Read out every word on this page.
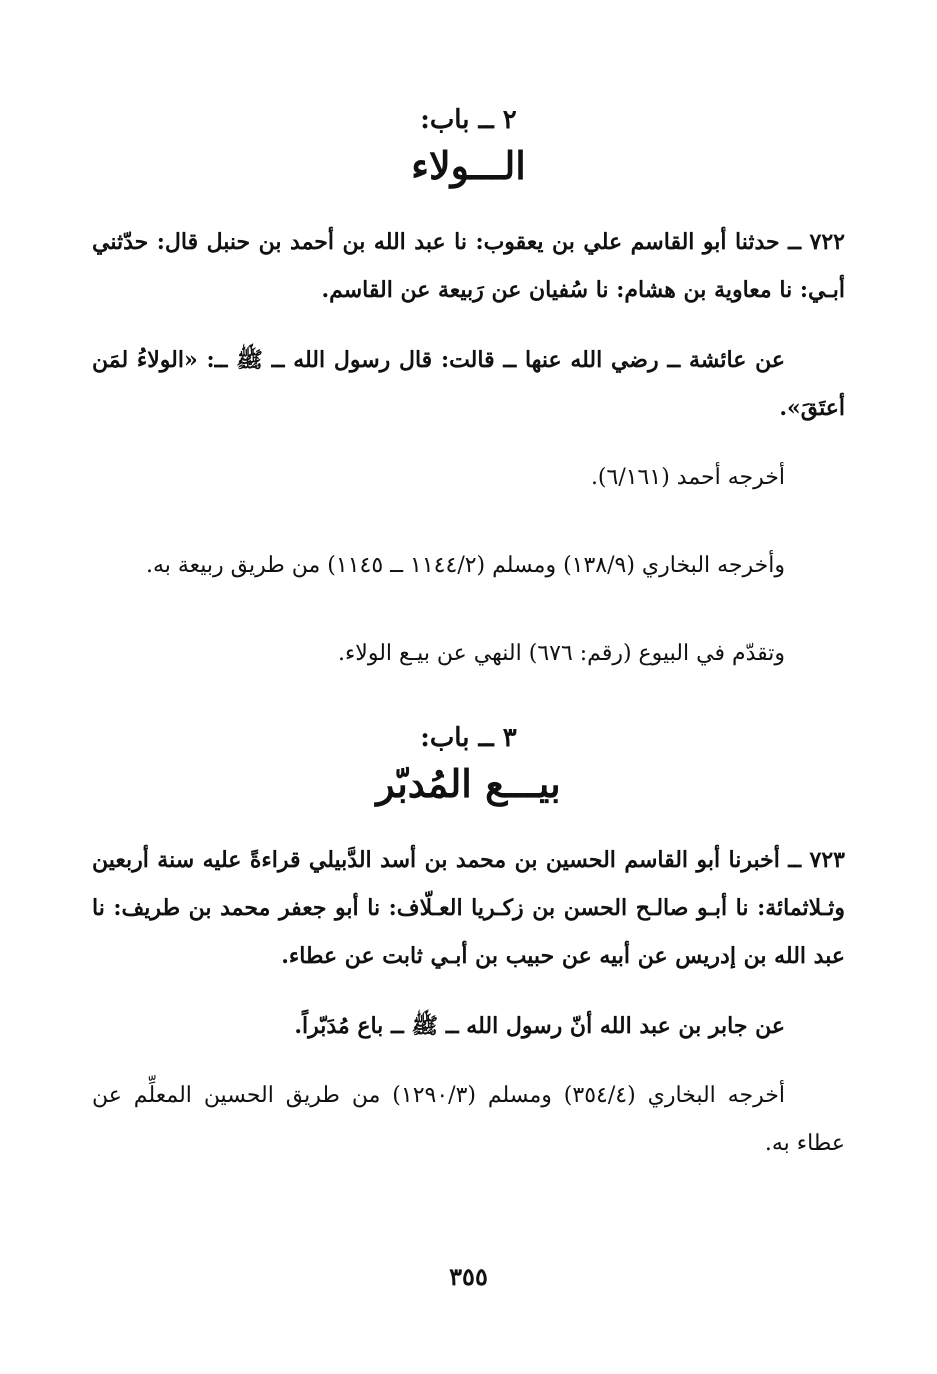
٢ ــ باب:
الـــولاء

٧٢٢ ــ حدثنا أبو القاسم علي بن يعقوب: نا عبد الله بن أحمد بن حنبل قال: حدّثني أبـي: نا معاوية بن هشام: نا سُفيان عن رَبيعة عن القاسم.

عن عائشة ــ رضي الله عنها ــ قالت: قال رسول الله ــ ﷺ ــ: «الولاءُ لمَن أعتَقَ».

أخرجه أحمد (٦/١٦١).

وأخرجه البخاري (١٣٨/٩) ومسلم (١١٤٤/٢ ــ ١١٤٥) من طريق ربيعة به.

وتقدّم في البيوع (رقم: ٦٧٦) النهي عن بيـع الولاء.

٣ ــ باب:
بيـــع المُدبّر

٧٢٣ ــ أخبرنا أبو القاسم الحسين بن محمد بن أسد الدَّبيلي قراءةً عليه سنة أربعين وثـلاثمائة: نا أبـو صالـح الحسن بن زكـريا العـلّاف: نا أبو جعفر محمد بن طريف: نا عبد الله بن إدريس عن أبيه عن حبيب بن أبـي ثابت عن عطاء.

عن جابر بن عبد الله أنّ رسول الله ــ ﷺ ــ باع مُدَبّراً.

أخرجه البخاري (٣٥٤/٤) ومسلم (١٢٩٠/٣) من طريق الحسين المعلِّم عن عطاء به.

٣٥٥
